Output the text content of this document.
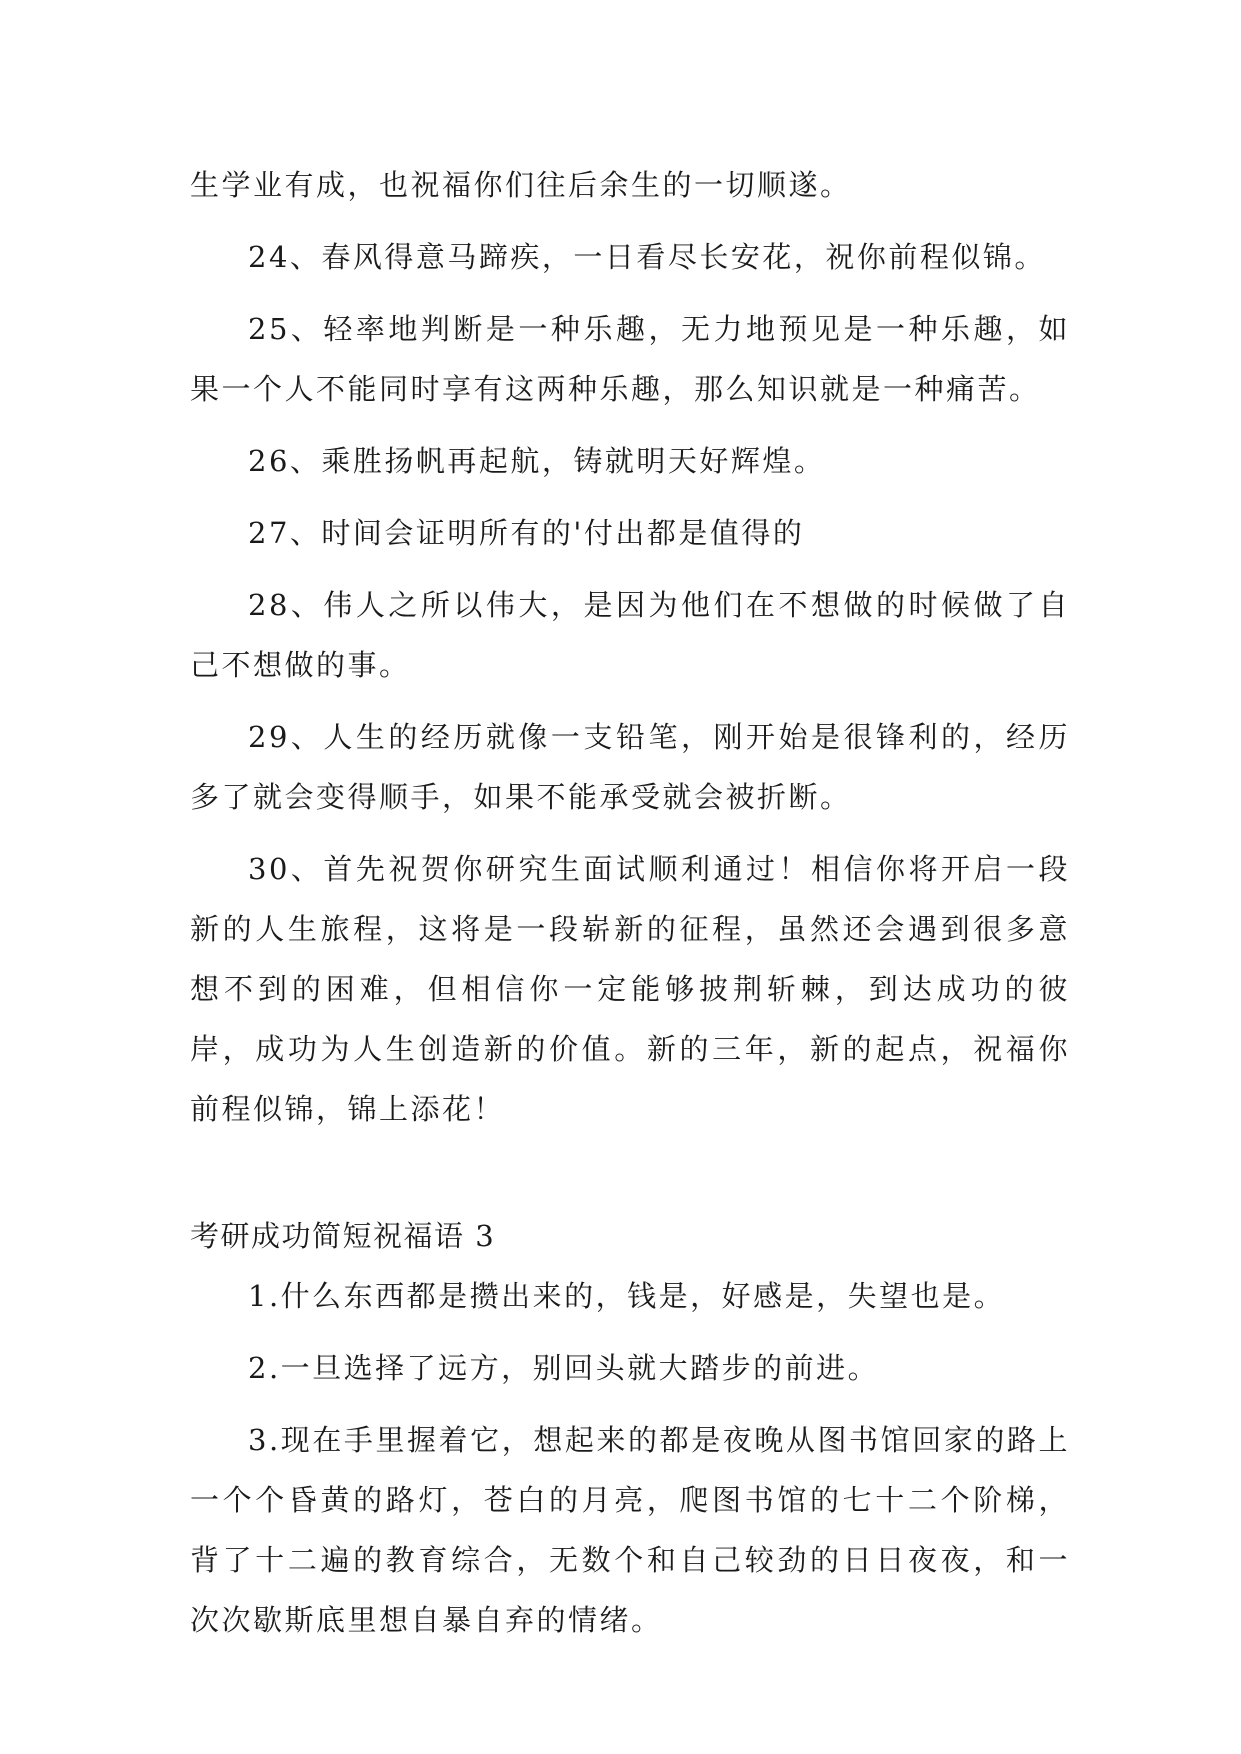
生学业有成，也祝福你们往后余生的一切顺遂。

24、春风得意马蹄疾，一日看尽长安花，祝你前程似锦。

25、轻率地判断是一种乐趣，无力地预见是一种乐趣，如果一个人不能同时享有这两种乐趣，那么知识就是一种痛苦。

26、乘胜扬帆再起航，铸就明天好辉煌。

27、时间会证明所有的'付出都是值得的

28、伟人之所以伟大，是因为他们在不想做的时候做了自己不想做的事。

29、人生的经历就像一支铅笔，刚开始是很锋利的，经历多了就会变得顺手，如果不能承受就会被折断。

30、首先祝贺你研究生面试顺利通过！相信你将开启一段新的人生旅程，这将是一段崭新的征程，虽然还会遇到很多意想不到的困难，但相信你一定能够披荆斩棘，到达成功的彼岸，成功为人生创造新的价值。新的三年，新的起点，祝福你前程似锦，锦上添花！

考研成功简短祝福语 3

1.什么东西都是攒出来的，钱是，好感是，失望也是。

2.一旦选择了远方，别回头就大踏步的前进。

3.现在手里握着它，想起来的都是夜晚从图书馆回家的路上一个个昏黄的路灯，苍白的月亮，爬图书馆的七十二个阶梯，背了十二遍的教育综合，无数个和自己较劲的日日夜夜，和一次次歇斯底里想自暴自弃的情绪。
